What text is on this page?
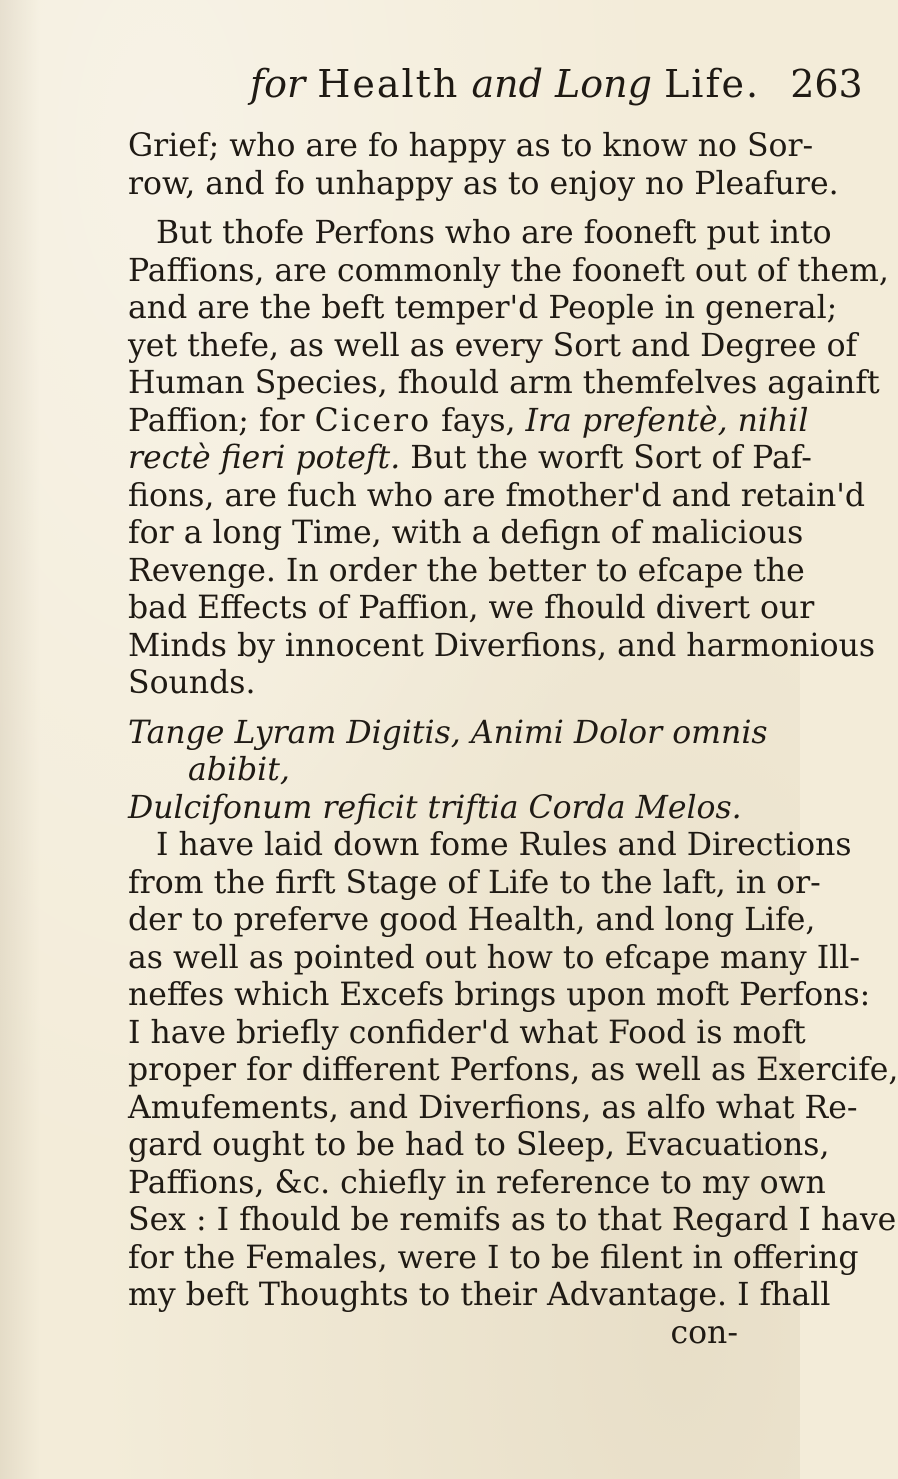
for Health and Long Life. 263
Grief; who are fo happy as to know no Sor-
row, and fo unhappy as to enjoy no Pleafure.
But thofe Perfons who are fooneft put into
Paffions, are commonly the fooneft out of them,
and are the beft temper'd People in general;
yet thefe, as well as every Sort and Degree of
Human Species, fhould arm themfelves againft
Paffion; for Cicero fays, Ira prefentè, nihil
rectè fieri poteft. But the worft Sort of Paf-
fions, are fuch who are fmother'd and retain'd
for a long Time, with a defign of malicious
Revenge. In order the better to efcape the
bad Effects of Paffion, we fhould divert our
Minds by innocent Diverfions, and harmonious
Sounds.
Tange Lyram Digitis, Animi Dolor omnis
abibit,
Dulcifonum reficit triftia Corda Melos.
I have laid down fome Rules and Directions
from the firft Stage of Life to the laft, in or-
der to preferve good Health, and long Life,
as well as pointed out how to efcape many Ill-
neffes which Excefs brings upon moft Perfons:
I have briefly confider'd what Food is moft
proper for different Perfons, as well as Exercife,
Amufements, and Diverfions, as alfo what Re-
gard ought to be had to Sleep, Evacuations,
Paffions, &c. chiefly in reference to my own
Sex : I fhould be remifs as to that Regard I have
for the Females, were I to be filent in offering
my beft Thoughts to their Advantage. I fhall
con-
